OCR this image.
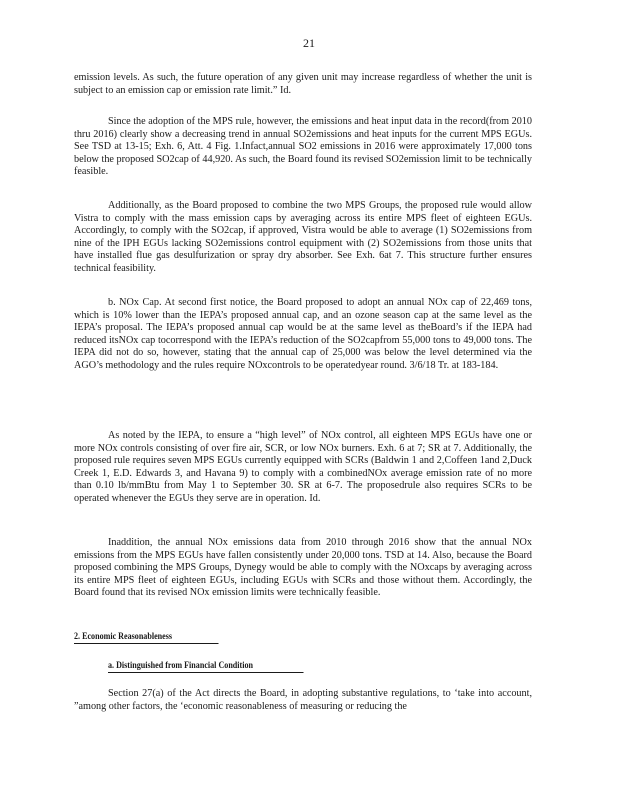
21

emission levels. As such, the future operation of any given unit may increase regardless of whether the unit is subject to an emission cap or emission rate limit.” Id.

Since the adoption of the MPS rule, however, the emissions and heat input data in the record(from 2010 thru 2016) clearly show a decreasing trend in annual SO2emissions and heat inputs for the current MPS EGUs. See TSD at 13-15; Exh. 6, Att. 4 Fig. 1.Infact,annual SO2 emissions in 2016 were approximately 17,000 tons below the proposed SO2cap of 44,920. As such, the Board found its revised SO2emission limit to be technically feasible.

Additionally, as the Board proposed to combine the two MPS Groups, the proposed rule would allow Vistra to comply with the mass emission caps by averaging across its entire MPS fleet of eighteen EGUs. Accordingly, to comply with the SO2cap, if approved, Vistra would be able to average (1) SO2emissions from nine of the IPH EGUs lacking SO2emissions control equipment with (2) SO2emissions from those units that have installed flue gas desulfurization or spray dry absorber. See Exh. 6at 7. This structure further ensures technical feasibility.

b. NOx Cap. At second first notice, the Board proposed to adopt an annual NOx cap of 22,469 tons, which is 10% lower than the IEPA’s proposed annual cap, and an ozone season cap at the same level as the IEPA’s proposal. The IEPA’s proposed annual cap would be at the same level as theBoard’s if the IEPA had reduced itsNOx cap tocorrespond with the IEPA’s reduction of the SO2capfrom 55,000 tons to 49,000 tons. The IEPA did not do so, however, stating that the annual cap of 25,000 was below the level determined via the AGO’s methodology and the rules require NOxcontrols to be operatedyear round. 3/6/18 Tr. at 183-184.

As noted by the IEPA, to ensure a “high level” of NOx control, all eighteen MPS EGUs have one or more NOx controls consisting of over fire air, SCR, or low NOx burners. Exh. 6 at 7; SR at 7. Additionally, the proposed rule requires seven MPS EGUs currently equipped with SCRs (Baldwin 1 and 2,Coffeen 1and 2,Duck Creek 1, E.D. Edwards 3, and Havana 9) to comply with a combinedNOx average emission rate of no more than 0.10 lb/mmBtu from May 1 to September 30. SR at 6-7. The proposedrule also requires SCRs to be operated whenever the EGUs they serve are in operation. Id.

Inaddition, the annual NOx emissions data from 2010 through 2016 show that the annual NOx emissions from the MPS EGUs have fallen consistently under 20,000 tons. TSD at 14. Also, because the Board proposed combining the MPS Groups, Dynegy would be able to comply with the NOxcaps by averaging across its entire MPS fleet of eighteen EGUs, including EGUs with SCRs and those without them. Accordingly, the Board found that its revised NOx emission limits were technically feasible.

2. Economic Reasonableness
a. Distinguished from Financial Condition

Section 27(a) of the Act directs the Board, in adopting substantive regulations, to ‘take into account, ”among other factors, the ‘economic reasonableness of measuring or reducing the
